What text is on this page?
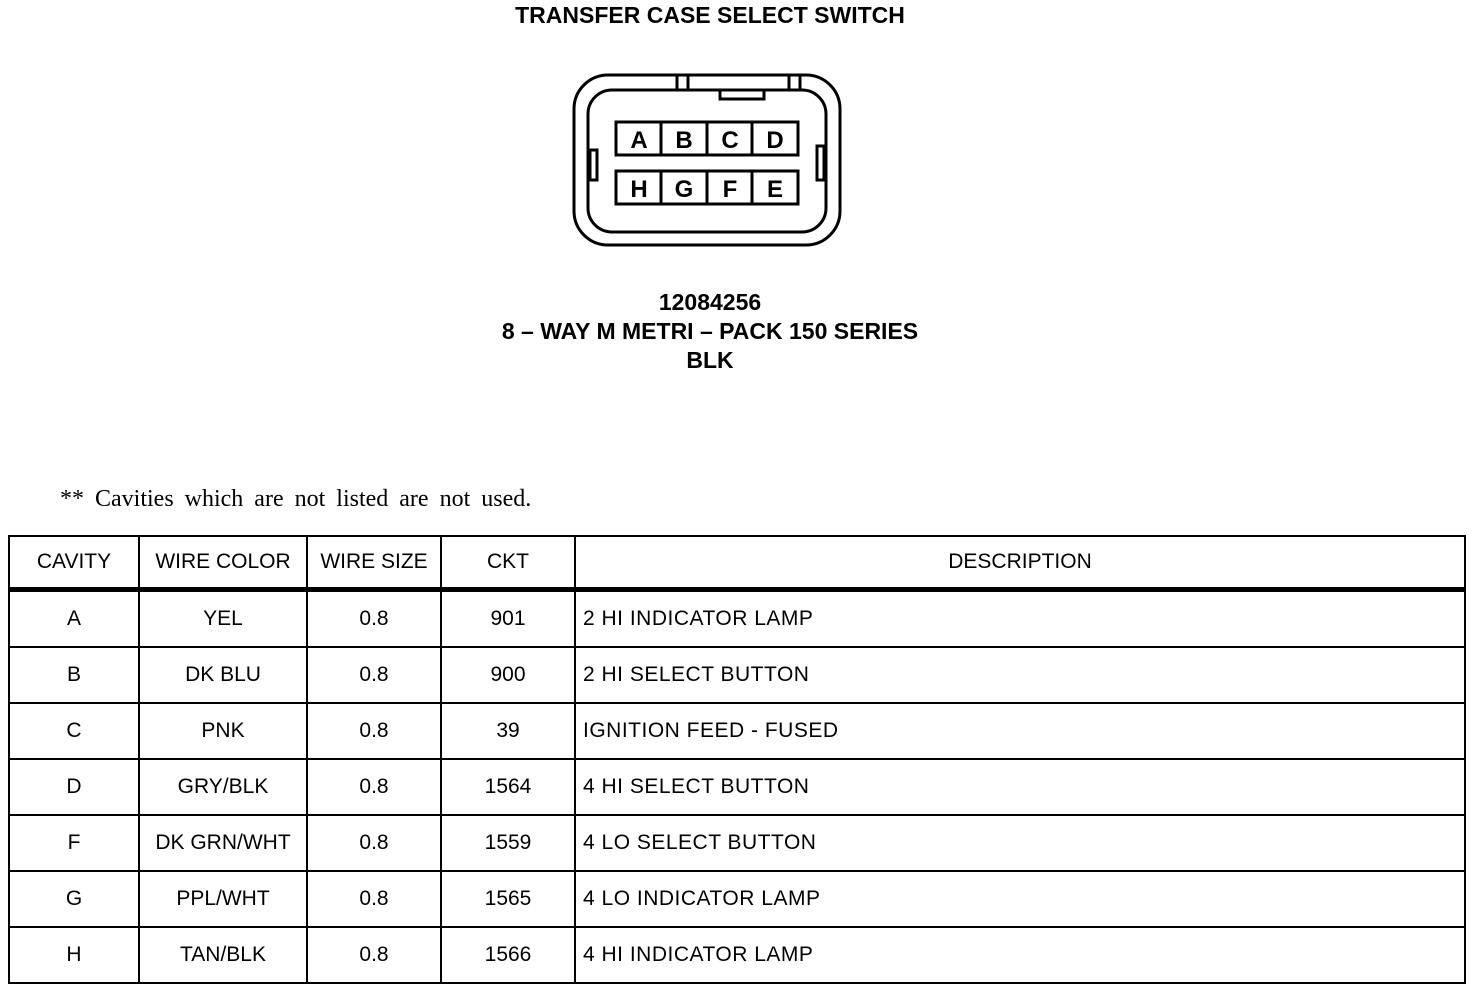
TRANSFER CASE SELECT SWITCH
A B C D
H G F E
12084256
8 – WAY M METRI – PACK 150 SERIES
BLK
** Cavities which are not listed are not used.
CAVITY	WIRE COLOR	WIRE SIZE	CKT	DESCRIPTION
A	YEL	0.8	901	2 HI INDICATOR LAMP
B	DK BLU	0.8	900	2 HI SELECT BUTTON
C	PNK	0.8	39	IGNITION FEED - FUSED
D	GRY/BLK	0.8	1564	4 HI SELECT BUTTON
F	DK GRN/WHT	0.8	1559	4 LO SELECT BUTTON
G	PPL/WHT	0.8	1565	4 LO INDICATOR LAMP
H	TAN/BLK	0.8	1566	4 HI INDICATOR LAMP
